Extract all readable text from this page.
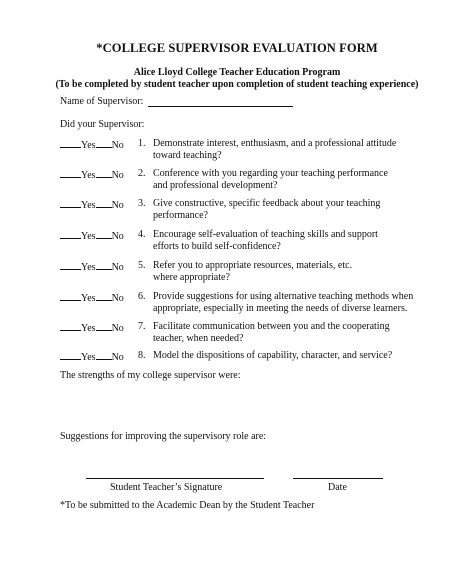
*COLLEGE SUPERVISOR EVALUATION FORM
Alice Lloyd College Teacher Education Program
(To be completed by student teacher upon completion of student teaching experience)
Name of Supervisor:
Did your Supervisor:
Yes No 1. Demonstrate interest, enthusiasm, and a professional attitude
toward teaching?
Yes No 2. Conference with you regarding your teaching performance
and professional development?
Yes No 3. Give constructive, specific feedback about your teaching
performance?
Yes No 4. Encourage self-evaluation of teaching skills and support
efforts to build self-confidence?
Yes No 5. Refer you to appropriate resources, materials, etc.
where appropriate?
Yes No 6. Provide suggestions for using alternative teaching methods when
appropriate, especially in meeting the needs of diverse learners.
Yes No 7. Facilitate communication between you and the cooperating
teacher, when needed?
Yes No 8. Model the dispositions of capability, character, and service?
The strengths of my college supervisor were:
Suggestions for improving the supervisory role are:
Student Teacher’s Signature	Date
*To be submitted to the Academic Dean by the Student Teacher
